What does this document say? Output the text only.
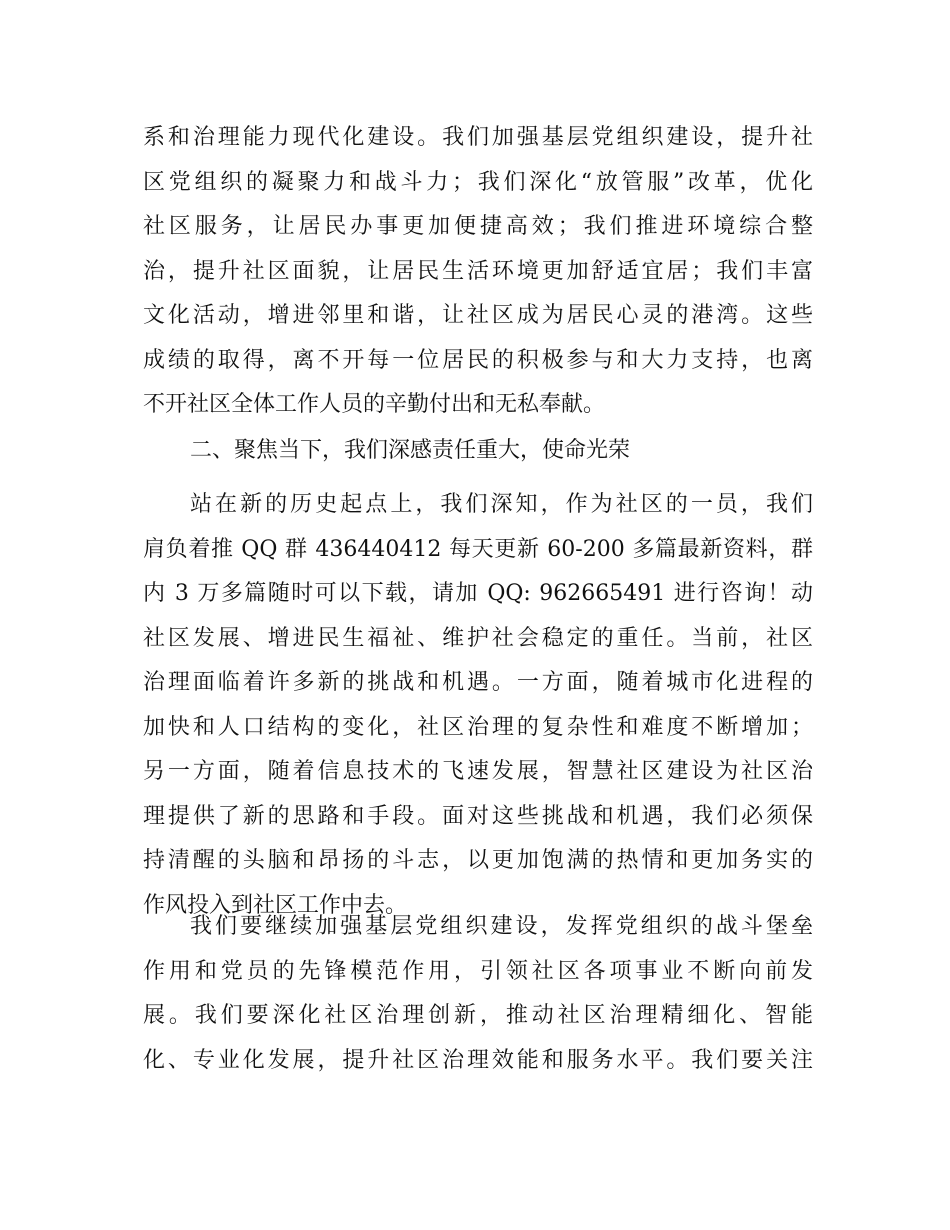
系和治理能力现代化建设。我们加强基层党组织建设，提升社
区党组织的凝聚力和战斗力；我们深化“放管服”改革，优化
社区服务，让居民办事更加便捷高效；我们推进环境综合整
治，提升社区面貌，让居民生活环境更加舒适宜居；我们丰富
文化活动，增进邻里和谐，让社区成为居民心灵的港湾。这些
成绩的取得，离不开每一位居民的积极参与和大力支持，也离
不开社区全体工作人员的辛勤付出和无私奉献。
二、聚焦当下，我们深感责任重大，使命光荣
站在新的历史起点上，我们深知，作为社区的一员，我们
肩负着推 QQ 群 436440412 每天更新 60-200 多篇最新资料，群
内 3 万多篇随时可以下载，请加 QQ: 962665491 进行咨询！动
社区发展、增进民生福祉、维护社会稳定的重任。当前，社区
治理面临着许多新的挑战和机遇。一方面，随着城市化进程的
加快和人口结构的变化，社区治理的复杂性和难度不断增加；
另一方面，随着信息技术的飞速发展，智慧社区建设为社区治
理提供了新的思路和手段。面对这些挑战和机遇，我们必须保
持清醒的头脑和昂扬的斗志，以更加饱满的热情和更加务实的
作风投入到社区工作中去。
我们要继续加强基层党组织建设，发挥党组织的战斗堡垒
作用和党员的先锋模范作用，引领社区各项事业不断向前发
展。我们要深化社区治理创新，推动社区治理精细化、智能
化、专业化发展，提升社区治理效能和服务水平。我们要关注
